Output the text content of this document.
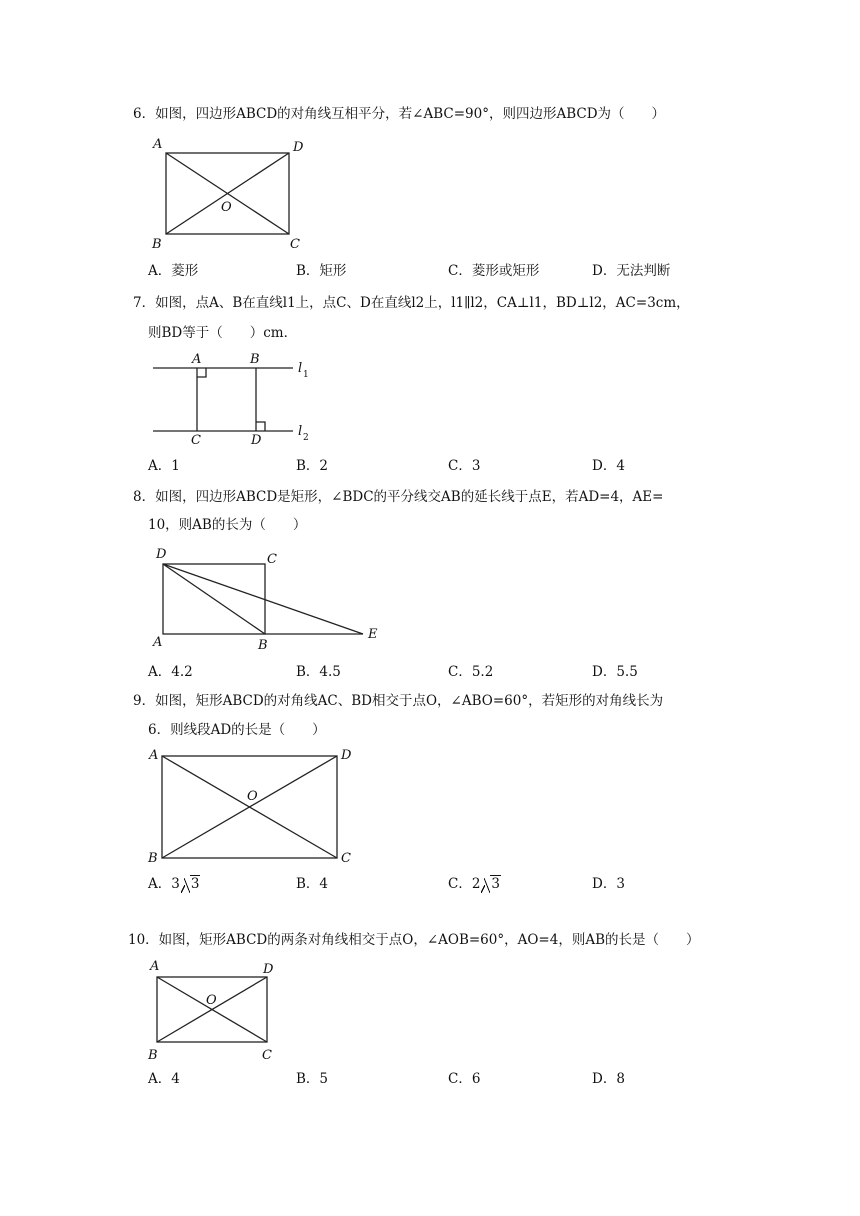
6．如图，四边形ABCD的对角线互相平分，若∠ABC=90°，则四边形ABCD为（　　）
A	D
O
B	C
A．菱形	B．矩形	C．菱形或矩形	D．无法判断
7．如图，点A、B在直线l1上，点C、D在直线l2上，l1∥l2，CA⊥l1，BD⊥l2，AC=3cm，
则BD等于（　　）cm．
A	B
C	D
l 1
l 2
A．1	B．2	C．3	D．4
8．如图，四边形ABCD是矩形，∠BDC的平分线交AB的延长线于点E，若AD=4，AE=
10，则AB的长为（　　）
D	C
A	B
E
A．4.2	B．4.5	C．5.2	D．5.5
9．如图，矩形ABCD的对角线AC、BD相交于点O，∠ABO=60°，若矩形的对角线长为
6．则线段AD的长是（　　）
A	D
O
B	C
A．3 3	B．4	C．2 3	D．3
10．如图，矩形ABCD的两条对角线相交于点O，∠AOB=60°，AO=4，则AB的长是（　　）
A	D
O
B	C
A．4	B．5	C．6	D．8
